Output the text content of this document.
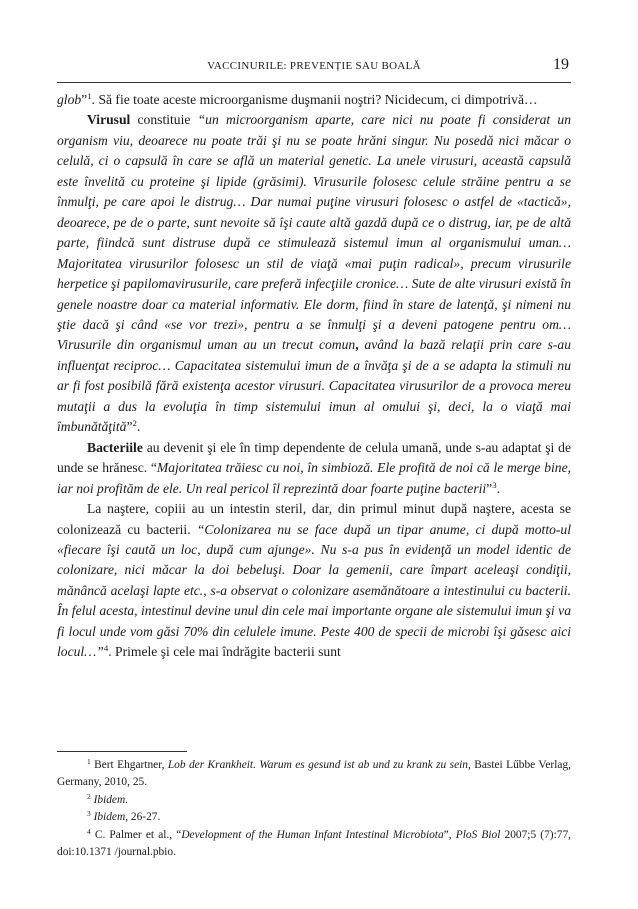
VACCINURILE: PREVENȚIE SAU BOALĂ	19

glob”$^1$. Să fie toate aceste microorganisme duşmanii noştri? Nicidecum, ci dimpotrivă…

Virusul constituie “un microorganism aparte, care nici nu poate fi considerat un organism viu, deoarece nu poate trăi şi nu se poate hrăni singur. Nu posedă nici măcar o celulă, ci o capsulă în care se află un material genetic. La unele virusuri, această capsulă este învelită cu proteine şi lipide (grăsimi). Virusurile folosesc celule străine pentru a se înmulţi, pe care apoi le distrug… Dar numai puţine virusuri folosesc o astfel de «tactică», deoarece, pe de o parte, sunt nevoite să îşi caute altă gazdă după ce o distrug, iar, pe de altă parte, fiindcă sunt distruse după ce stimulează sistemul imun al organismului uman… Majoritatea virusurilor folosesc un stil de viaţă «mai puţin radical», precum virusurile herpetice şi papilomavirusurile, care preferă infecţiile cronice… Sute de alte virusuri există în genele noastre doar ca material informativ. Ele dorm, fiind în stare de latenţă, şi nimeni nu ştie dacă şi când «se vor trezi», pentru a se înmulţi şi a deveni patogene pentru om… Virusurile din organismul uman au un trecut comun, având la bază relaţii prin care s-au influenţat reciproc… Capacitatea sistemului imun de a învăţa şi de a se adapta la stimuli nu ar fi fost posibilă fără existenţa acestor virusuri. Capacitatea virusurilor de a provoca mereu mutaţii a dus la evoluţia în timp sistemului imun al omului şi, deci, la o viaţă mai îmbunătăţită”$^2$.

Bacteriile au devenit şi ele în timp dependente de celula umană, unde s-au adaptat şi de unde se hrănesc. “Majoritatea trăiesc cu noi, în simbioză. Ele profită de noi că le merge bine, iar noi profităm de ele. Un real pericol îl reprezintă doar foarte puţine bacterii”$^3$.

La naştere, copiii au un intestin steril, dar, din primul minut după naştere, acesta se colonizează cu bacterii. “Colonizarea nu se face după un tipar anume, ci după motto-ul «fiecare îşi caută un loc, după cum ajunge». Nu s-a pus în evidenţă un model identic de colonizare, nici măcar la doi bebeluşi. Doar la gemenii, care împart aceleaşi condiţii, mănâncă acelaşi lapte etc., s-a observat o colonizare asemănătoare a intestinului cu bacterii. În felul acesta, intestinul devine unul din cele mai importante organe ale sistemului imun şi va fi locul unde vom găsi 70% din celulele imune. Peste 400 de specii de microbi îşi găsesc aici locul…”$^4$. Primele şi cele mai îndrăgite bacterii sunt

$^1$ Bert Ehgartner, Lob der Krankheit. Warum es gesund ist ab und zu krank zu sein, Bastei Lűbbe Verlag, Germany, 2010, 25.

$^2$ Ibidem.

$^3$ Ibidem, 26-27.

$^4$ C. Palmer et al., “Development of the Human Infant Intestinal Microbiota”, PloS Biol 2007;5 (7):77, doi:10.1371 /journal.pbio.
